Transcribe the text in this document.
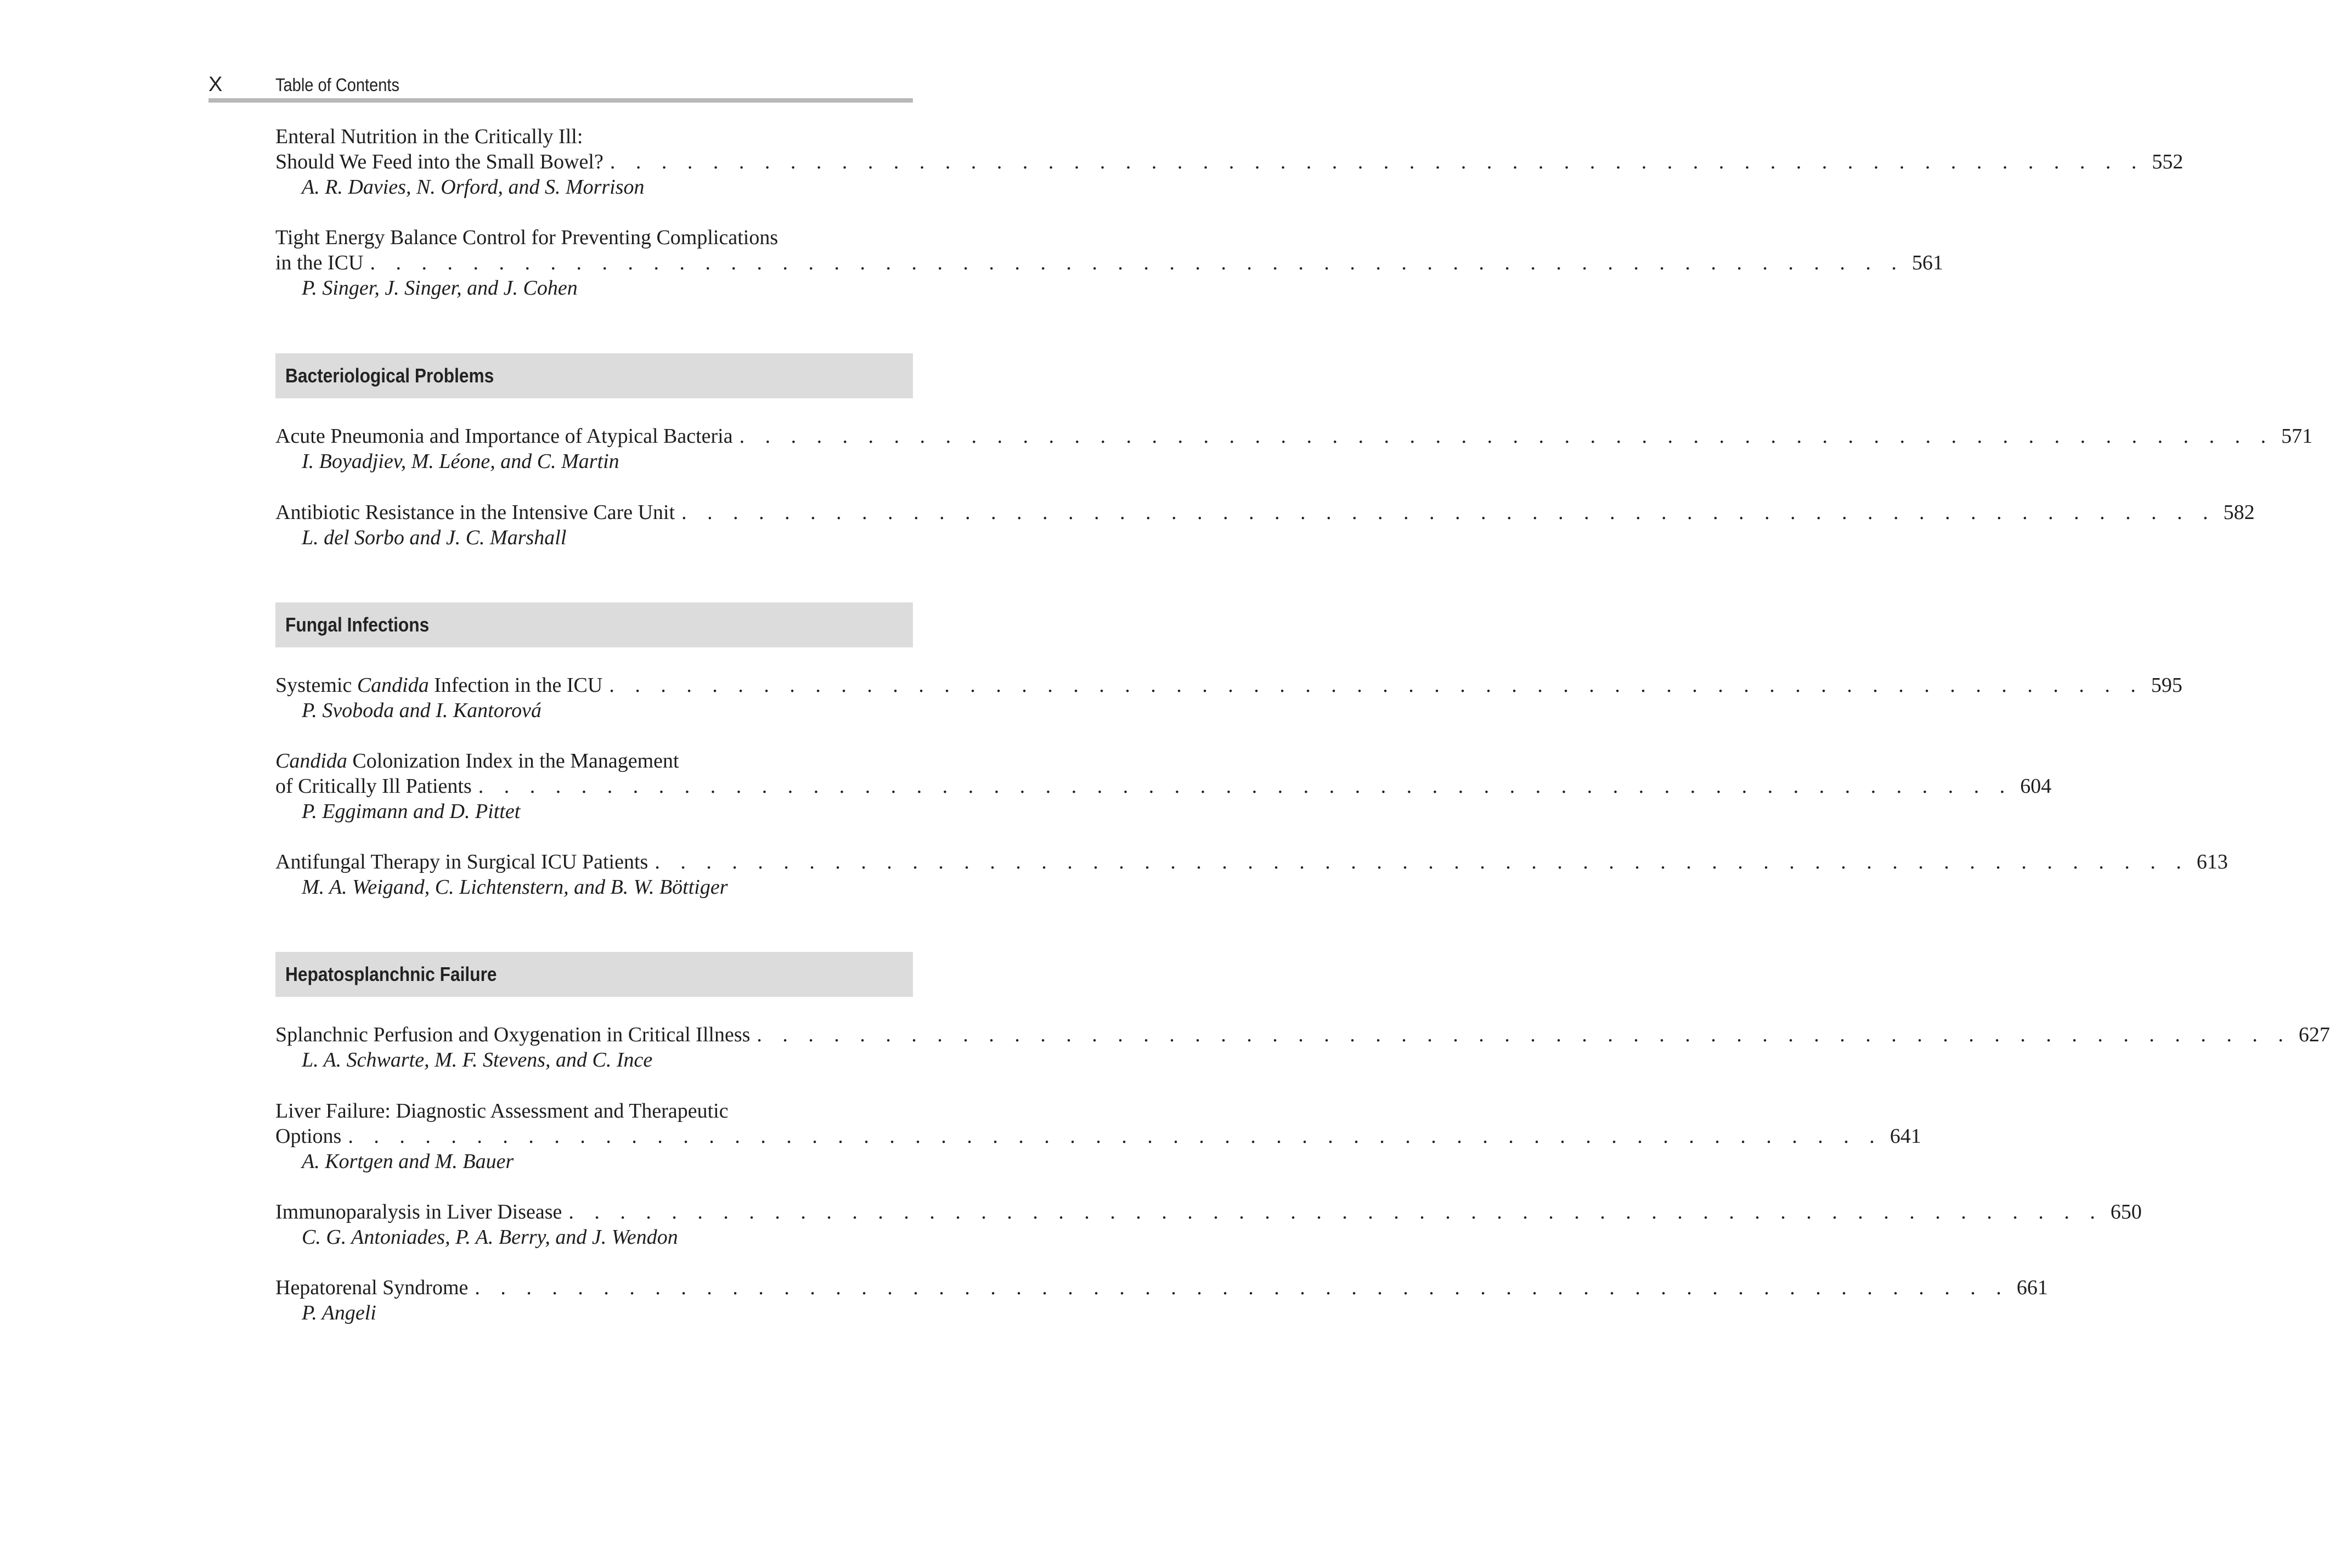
X	Table of Contents
Enteral Nutrition in the Critically Ill:
Should We Feed into the Small Bowel? . . . . . . . . . . . . . . . . . . . . . . . . . . . . . . . . . . . . . . . . . . . . . . . . . . . . . . . . . . . . 552
A. R. Davies, N. Orford, and S. Morrison
Tight Energy Balance Control for Preventing Complications
in the ICU . . . . . . . . . . . . . . . . . . . . . . . . . . . . . . . . . . . . . . . . . . . . . . . . . . . . . . . . . . . . 561
P. Singer, J. Singer, and J. Cohen
Bacteriological Problems
Acute Pneumonia and Importance of Atypical Bacteria . . . . . . . . . . . . . . . . . . . . . . . . . . . . . . . . . . . . . . . . . . . . . . . . . . . . . . . . . . . . 571
I. Boyadjiev, M. Léone, and C. Martin
Antibiotic Resistance in the Intensive Care Unit . . . . . . . . . . . . . . . . . . . . . . . . . . . . . . . . . . . . . . . . . . . . . . . . . . . . . . . . . . . . 582
L. del Sorbo and J. C. Marshall
Fungal Infections
Systemic Candida Infection in the ICU . . . . . . . . . . . . . . . . . . . . . . . . . . . . . . . . . . . . . . . . . . . . . . . . . . . . . . . . . . . . 595
P. Svoboda and I. Kantorová
Candida Colonization Index in the Management
of Critically Ill Patients . . . . . . . . . . . . . . . . . . . . . . . . . . . . . . . . . . . . . . . . . . . . . . . . . . . . . . . . . . . . 604
P. Eggimann and D. Pittet
Antifungal Therapy in Surgical ICU Patients . . . . . . . . . . . . . . . . . . . . . . . . . . . . . . . . . . . . . . . . . . . . . . . . . . . . . . . . . . . . 613
M. A. Weigand, C. Lichtenstern, and B. W. Böttiger
Hepatosplanchnic Failure
Splanchnic Perfusion and Oxygenation in Critical Illness . . . . . . . . . . . . . . . . . . . . . . . . . . . . . . . . . . . . . . . . . . . . . . . . . . . . . . . . . . . . 627
L. A. Schwarte, M. F. Stevens, and C. Ince
Liver Failure: Diagnostic Assessment and Therapeutic
Options . . . . . . . . . . . . . . . . . . . . . . . . . . . . . . . . . . . . . . . . . . . . . . . . . . . . . . . . . . . . 641
A. Kortgen and M. Bauer
Immunoparalysis in Liver Disease . . . . . . . . . . . . . . . . . . . . . . . . . . . . . . . . . . . . . . . . . . . . . . . . . . . . . . . . . . . . 650
C. G. Antoniades, P. A. Berry, and J. Wendon
Hepatorenal Syndrome . . . . . . . . . . . . . . . . . . . . . . . . . . . . . . . . . . . . . . . . . . . . . . . . . . . . . . . . . . . . 661
P. Angeli
